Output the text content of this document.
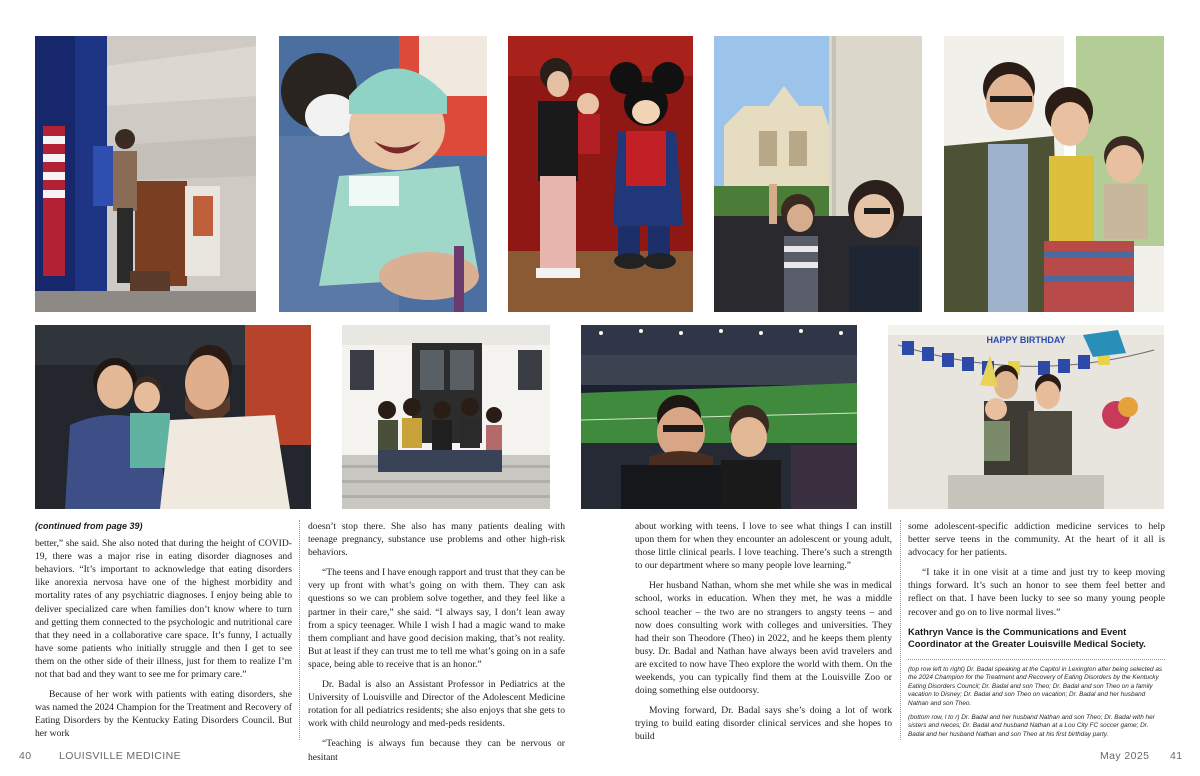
HAPPY BIRTHDAY
(continued from page 39)

better,” she said. She also noted that during the height of COVID-19, there was a major rise in eating disorder diagnoses and behaviors. “It’s important to acknowledge that eating disorders like anorexia nervosa have one of the highest morbidity and mortality rates of any psychiatric diagnoses. I enjoy being able to deliver specialized care when families don’t know where to turn and getting them connected to the psychologic and nutritional care that they need in a collaborative care space. It’s funny, I actually have some patients who initially struggle and then I get to see them on the other side of their illness, just for them to realize I’m not that bad and they want to see me for primary care.”

Because of her work with patients with eating disorders, she was named the 2024 Champion for the Treatment and Recovery of Eating Disorders by the Kentucky Eating Disorders Council. But her work

doesn’t stop there. She also has many patients dealing with teenage pregnancy, substance use problems and other high-risk behaviors.

“The teens and I have enough rapport and trust that they can be very up front with what’s going on with them. They can ask questions so we can problem solve together, and they feel like a partner in their care,” she said. “I always say, I don’t lean away from a spicy teenager. While I wish I had a magic wand to make them compliant and have good decision making, that’s not reality. But at least if they can trust me to tell me what’s going on in a safe space, being able to receive that is an honor.”

Dr. Badal is also an Assistant Professor in Pediatrics at the University of Louisville and Director of the Adolescent Medicine rotation for all pediatrics residents; she also enjoys that she gets to work with child neurology and med-peds residents.

“Teaching is always fun because they can be nervous or hesitant

about working with teens. I love to see what things I can instill upon them for when they encounter an adolescent or young adult, those little clinical pearls. I love teaching. There’s such a strength to our department where so many people love learning.”

Her husband Nathan, whom she met while she was in medical school, works in education. When they met, he was a middle school teacher – the two are no strangers to angsty teens – and now does consulting work with colleges and universities. They had their son Theodore (Theo) in 2022, and he keeps them plenty busy. Dr. Badal and Nathan have always been avid travelers and are excited to now have Theo explore the world with them. On the weekends, you can typically find them at the Louisville Zoo or doing something else outdoorsy.

Moving forward, Dr. Badal says she’s doing a lot of work trying to build eating disorder clinical services and she hopes to build

some adolescent-specific addiction medicine services to help better serve teens in the community. At the heart of it all is advocacy for her patients.

“I take it in one visit at a time and just try to keep moving things forward. It’s such an honor to see them feel better and reflect on that. I have been lucky to see so many young people recover and go on to live normal lives.”

Kathryn Vance is the Communications and Event Coordinator at the Greater Louisville Medical Society.
(top row left to right) Dr. Badal speaking at the Capitol in Lexington after being selected as the 2024 Champion for the Treatment and Recovery of Eating Disorders by the Kentucky Eating Disorders Council; Dr. Badal and son Theo; Dr. Badal and son Theo on a family vacation to Disney; Dr. Badal and son Theo on vacation; Dr. Badal and her husband Nathan and son Theo.
(bottom row, l to r) Dr. Badal and her husband Nathan and son Theo; Dr. Badal with her sisters and nieces; Dr. Badal and husband Nathan at a Lou City FC soccer game; Dr. Badal and her husband Nathan and son Theo at his first birthday party.
40	LOUISVILLE MEDICINE	May 2025 41
